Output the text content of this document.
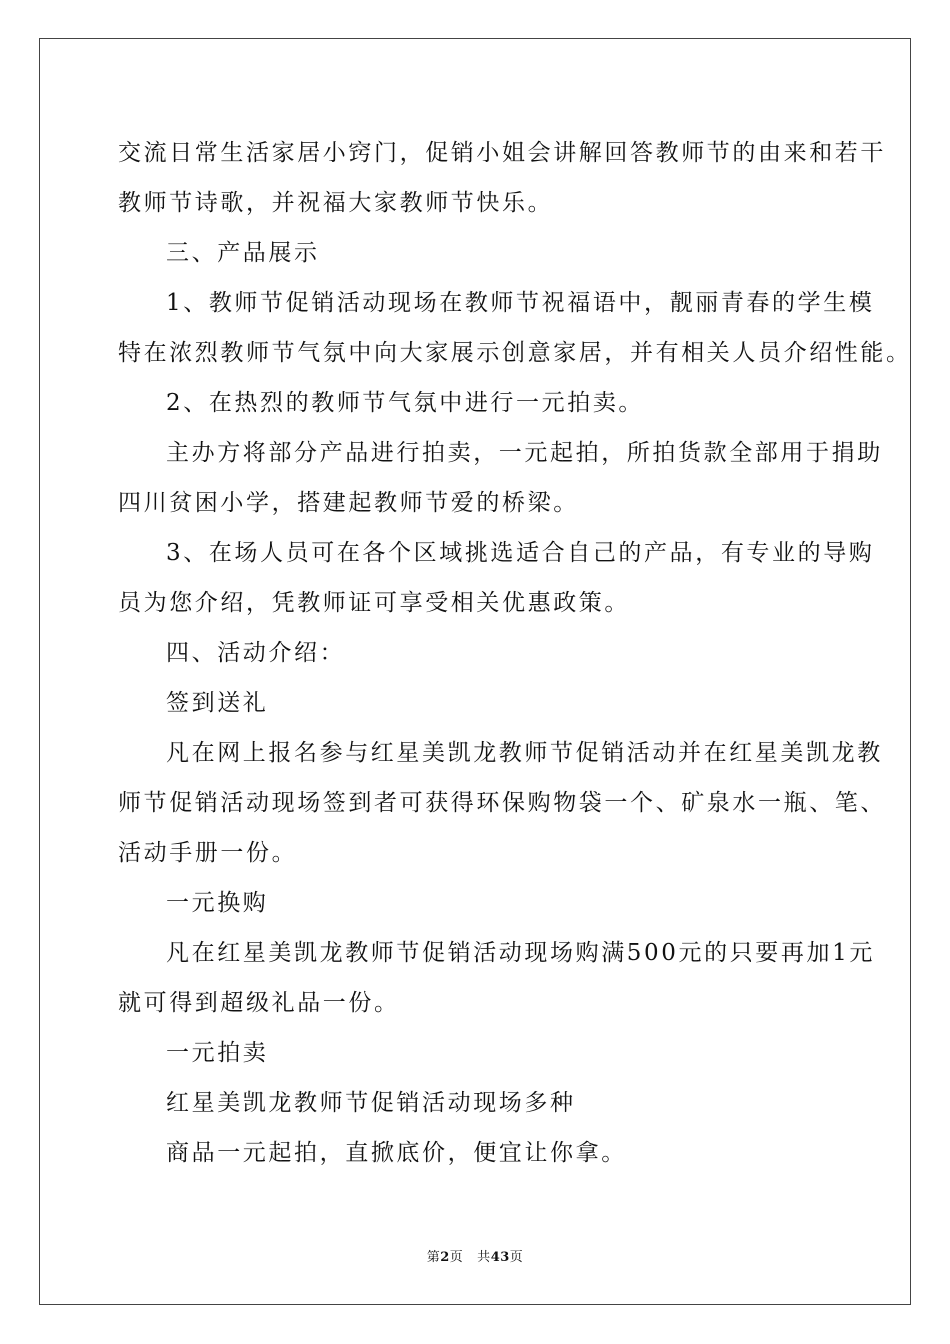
交流日常生活家居小窍门，促销小姐会讲解回答教师节的由来和若干
教师节诗歌，并祝福大家教师节快乐。
三、产品展示
1、教师节促销活动现场在教师节祝福语中，靓丽青春的学生模
特在浓烈教师节气氛中向大家展示创意家居，并有相关人员介绍性能。
2、在热烈的教师节气氛中进行一元拍卖。
主办方将部分产品进行拍卖，一元起拍，所拍货款全部用于捐助
四川贫困小学，搭建起教师节爱的桥梁。
3、在场人员可在各个区域挑选适合自己的产品，有专业的导购
员为您介绍，凭教师证可享受相关优惠政策。
四、活动介绍：
签到送礼
凡在网上报名参与红星美凯龙教师节促销活动并在红星美凯龙教
师节促销活动现场签到者可获得环保购物袋一个、矿泉水一瓶、笔、
活动手册一份。
一元换购
凡在红星美凯龙教师节促销活动现场购满500元的只要再加1元
就可得到超级礼品一份。
一元拍卖
红星美凯龙教师节促销活动现场多种
商品一元起拍，直掀底价，便宜让你拿。
第2页 共43页
